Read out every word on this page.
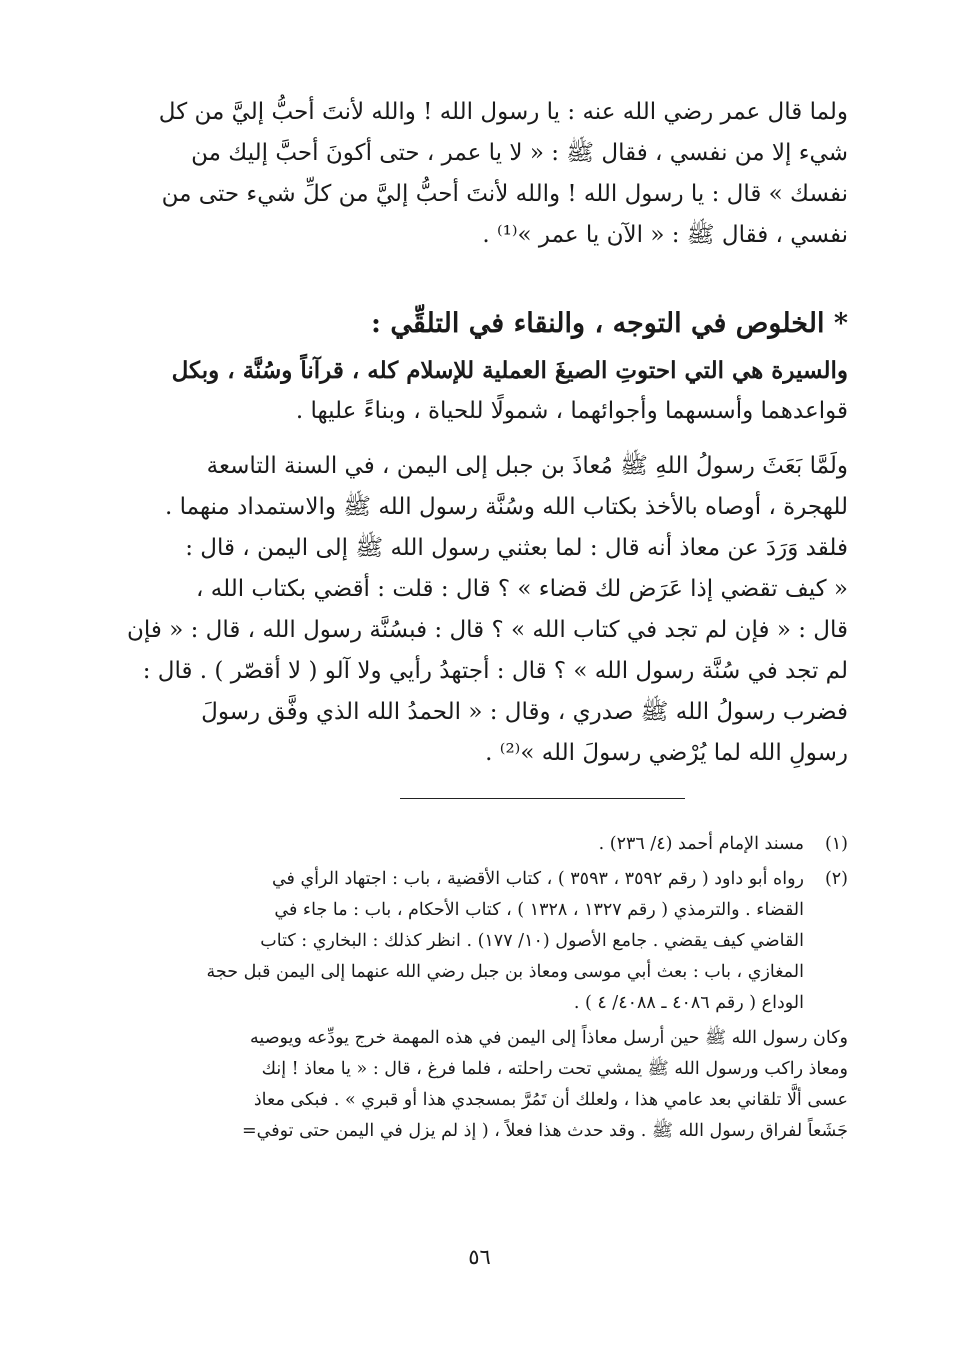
ولما قال عمر رضي الله عنه : يا رسول الله ! والله لأنتَ أحبُّ إليَّ من كل

شيء إلا من نفسي ، فقال ﷺ : « لا يا عمر ، حتى أكونَ أحبَّ إليك من

نفسك » قال : يا رسول الله ! والله لأنتَ أحبُّ إليَّ من كلِّ شيء حتى من

نفسي ، فقال ﷺ : « الآن يا عمر »⁽¹⁾ .

* الخلوص في التوجه ، والنقاء في التلقِّي :

والسيرة هي التي احتوتِ الصيغَ العملية للإسلام كله ، قرآناً وسُنَّة ، وبكل

قواعدهما وأسسهما وأجوائهما ، شمولًا للحياة ، وبناءً عليها .

ولَمَّا بَعَثَ رسولُ اللهِ ﷺ مُعاذَ بن جبل إلى اليمن ، في السنة التاسعة

للهجرة ، أوصاه بالأخذ بكتاب الله وسُنَّة رسول الله ﷺ والاستمداد منهما .

فلقد وَرَدَ عن معاذ أنه قال : لما بعثني رسول الله ﷺ إلى اليمن ، قال :

« كيف تقضي إذا عَرَض لك قضاء » ؟ قال : قلت : أقضي بكتاب الله ،

قال : « فإن لم تجد في كتاب الله » ؟ قال : فبسُنَّة رسول الله ، قال : « فإن

لم تجد في سُنَّة رسول الله » ؟ قال : أجتهدُ رأيي ولا آلو ( لا أقصّر ) . قال :

فضرب رسولُ الله ﷺ صدري ، وقال : « الحمدُ الله الذي وفَّق رسولَ

رسولِ الله لما يُرْضي رسولَ الله »⁽²⁾ .

(١)

مسند الإمام أحمد (٤/ ٢٣٦) .

(٢)

رواه أبو داود ( رقم ٣٥٩٢ ، ٣٥٩٣ ) ، كتاب الأقضية ، باب : اجتهاد الرأي في

القضاء . والترمذي ( رقم ١٣٢٧ ، ١٣٢٨ ) ، كتاب الأحكام ، باب : ما جاء في

القاضي كيف يقضي . جامع الأصول (١٠/ ١٧٧) . انظر كذلك : البخاري : كتاب

المغازي ، باب : بعث أبي موسى ومعاذ بن جبل رضي الله عنهما إلى اليمن قبل حجة

الوداع ( رقم ٤٠٨٦ ـ ٤٠٨٨/ ٤ ) .

وكان رسول الله ﷺ حين أرسل معاذاً إلى اليمن في هذه المهمة خرج يودِّعه ويوصيه

ومعاذ راكب ورسول الله ﷺ يمشي تحت راحلته ، فلما فرغ ، قال : « يا معاذ ! إنك

عسى ألَّا تلقاني بعد عامي هذا ، ولعلك أن تَمُرَّ بمسجدي هذا أو قبري » . فبكى معاذ

جَشَعاً لفراق رسول الله ﷺ . وقد حدث هذا فعلاً ، ( إذ لم يزل في اليمن حتى توفي=

٥٦
